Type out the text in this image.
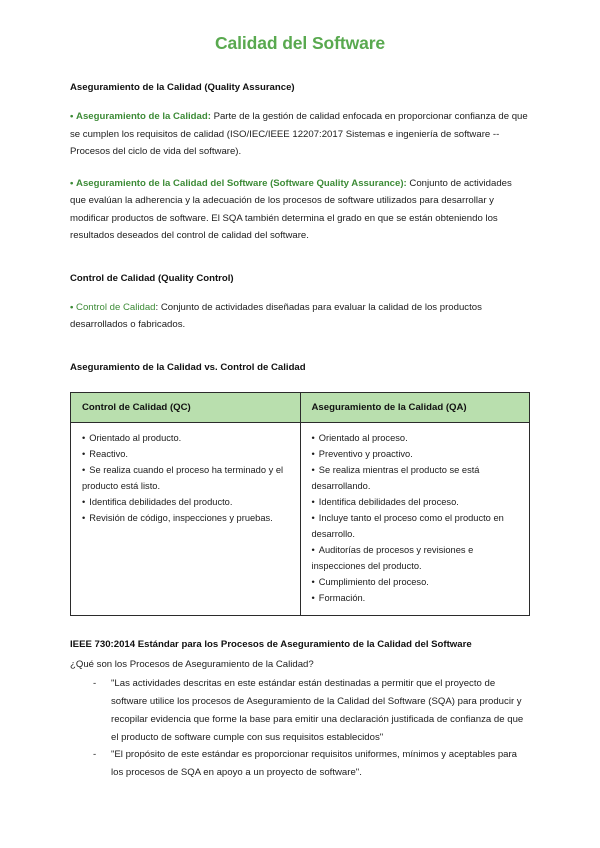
Calidad del Software
Aseguramiento de la Calidad (Quality Assurance)

• Aseguramiento de la Calidad: Parte de la gestión de calidad enfocada en proporcionar confianza de que se cumplen los requisitos de calidad (ISO/IEC/IEEE 12207:2017 Sistemas e ingeniería de software -- Procesos del ciclo de vida del software).

• Aseguramiento de la Calidad del Software (Software Quality Assurance): Conjunto de actividades que evalúan la adherencia y la adecuación de los procesos de software utilizados para desarrollar y modificar productos de software. El SQA también determina el grado en que se están obteniendo los resultados deseados del control de calidad del software.

Control de Calidad (Quality Control)

• Control de Calidad: Conjunto de actividades diseñadas para evaluar la calidad de los productos desarrollados o fabricados.

Aseguramiento de la Calidad vs. Control de Calidad
Control de Calidad (QC)	Aseguramiento de la Calidad (QA)

• Orientado al producto.
• Reactivo.
• Se realiza cuando el proceso ha terminado y el producto está listo.
• Identifica debilidades del producto.
• Revisión de código, inspecciones y pruebas.

• Orientado al proceso.
• Preventivo y proactivo.
• Se realiza mientras el producto se está desarrollando.
• Identifica debilidades del proceso.
• Incluye tanto el proceso como el producto en desarrollo.
• Auditorías de procesos y revisiones e inspecciones del producto.
• Cumplimiento del proceso.
• Formación.
IEEE 730:2014 Estándar para los Procesos de Aseguramiento de la Calidad del Software
¿Qué son los Procesos de Aseguramiento de la Calidad?
- "Las actividades descritas en este estándar están destinadas a permitir que el proyecto de software utilice los procesos de Aseguramiento de la Calidad del Software (SQA) para producir y recopilar evidencia que forme la base para emitir una declaración justificada de confianza de que el producto de software cumple con sus requisitos establecidos"
- "El propósito de este estándar es proporcionar requisitos uniformes, mínimos y aceptables para los procesos de SQA en apoyo a un proyecto de software".
